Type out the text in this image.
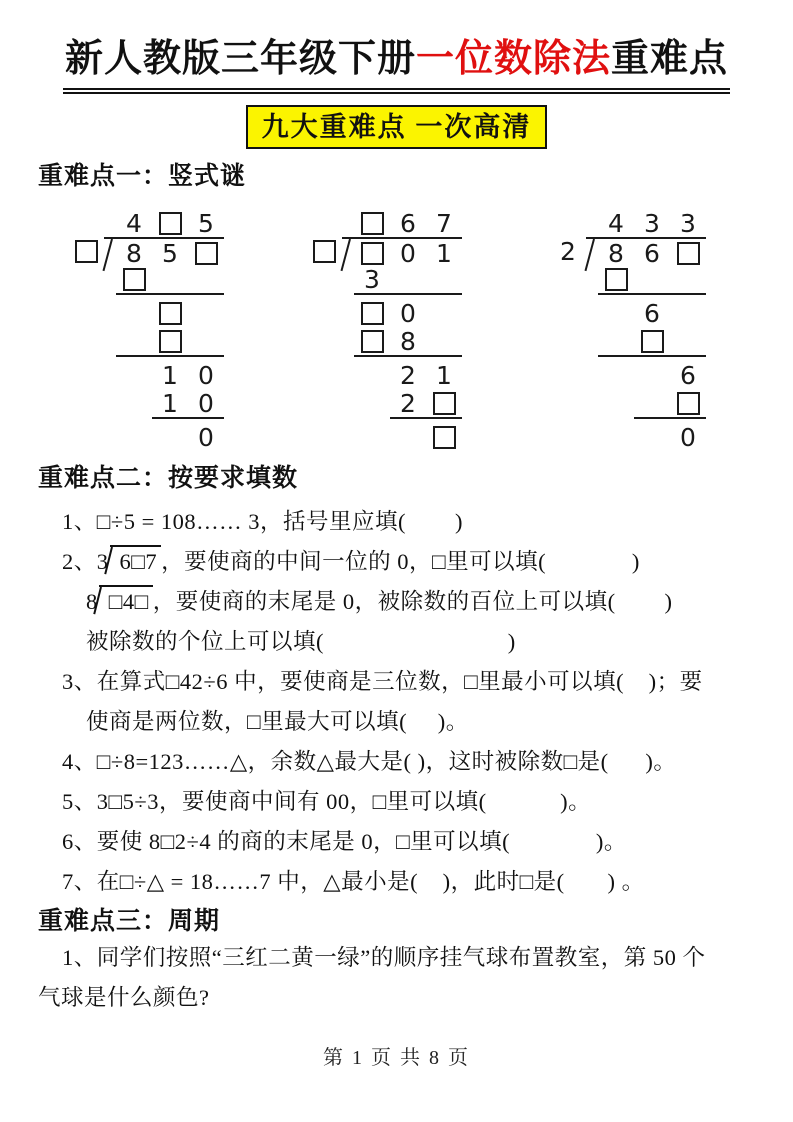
新人教版三年级下册一位数除法重难点
九大重难点 一次高清
重难点一：竖式谜
4	5
8 5
1 0
1 0
0
6 7
0 1
3
0
8
2 1
2
4 3 3
2	8 6
6
6
0
重难点二：按要求填数
1、□÷5 = 108…… 3，括号里应填(        )
2、3 6□7 ，要使商的中间一位的 0，□里可以填(              )
8 □4□ ，要使商的末尾是 0，被除数的百位上可以填(        )
被除数的个位上可以填(                              )
3、在算式□42÷6 中，要使商是三位数，□里最小可以填(    )；要
使商是两位数，□里最大可以填(     )。
4、□÷8=123……△，余数△最大是( )，这时被除数□是(      )。
5、3□5÷3，要使商中间有 00，□里可以填(            )。
6、要使 8□2÷4 的商的末尾是 0，□里可以填(              )。
7、在□÷△ = 18……7 中，△最小是(    )，此时□是(       ) 。
重难点三：周期
1、同学们按照“三红二黄一绿”的顺序挂气球布置教室，第 50 个
气球是什么颜色?
第 1 页 共 8 页
